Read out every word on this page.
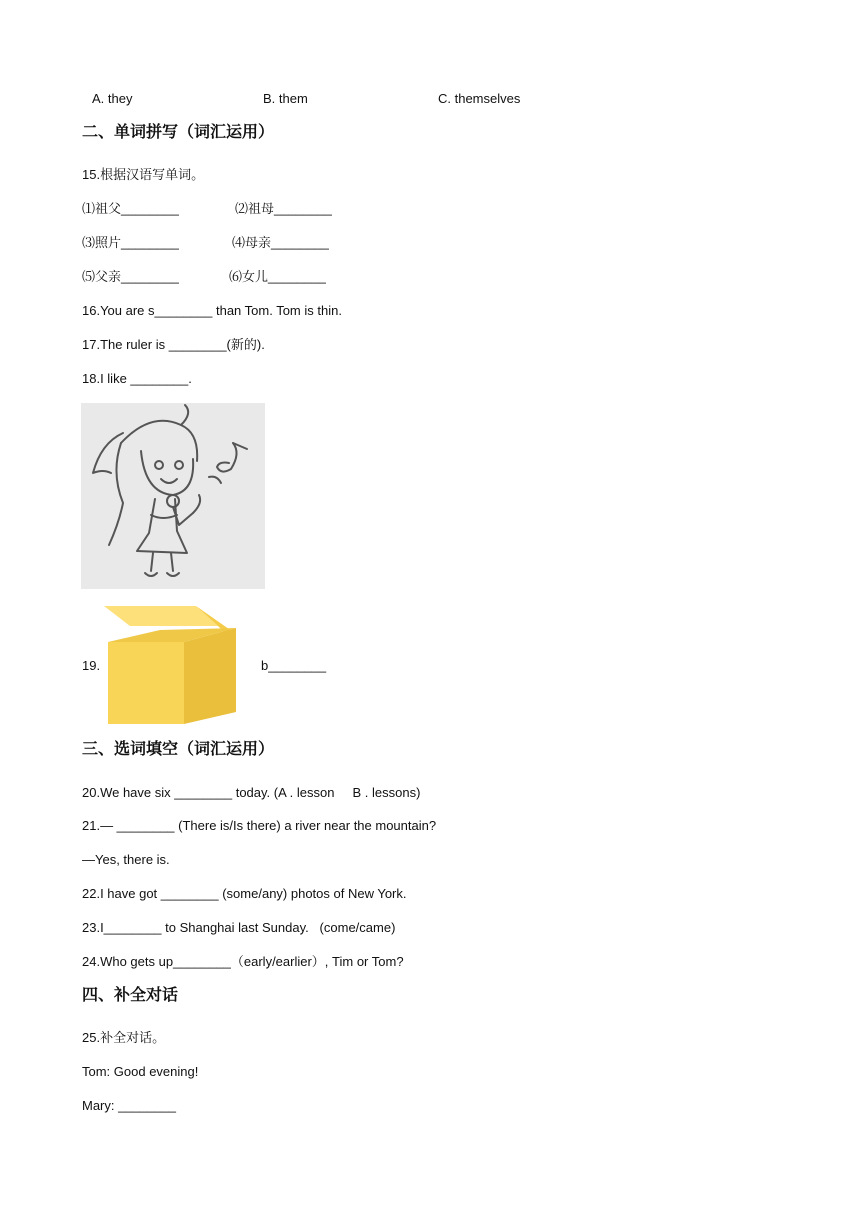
A. they	B. them	C. themselves
二、单词拼写（词汇运用）
15.根据汉语写单词。
⑴祖父________	⑵祖母________
⑶照片________	⑷母亲________
⑸父亲________	⑹女儿________
16.You are s________ than Tom. Tom is thin.
17.The ruler is ________(新的).
18.I like ________.
19.	b________
三、选词填空（词汇运用）
20.We have six ________ today. (A . lesson     B . lessons)
21.— ________ (There is/Is there) a river near the mountain?
—Yes, there is.
22.I have got ________ (some/any) photos of New York.
23.I________ to Shanghai last Sunday.   (come/came)
24.Who gets up________（early/earlier）, Tim or Tom?
四、补全对话
25.补全对话。
Tom: Good evening!
Mary: ________
